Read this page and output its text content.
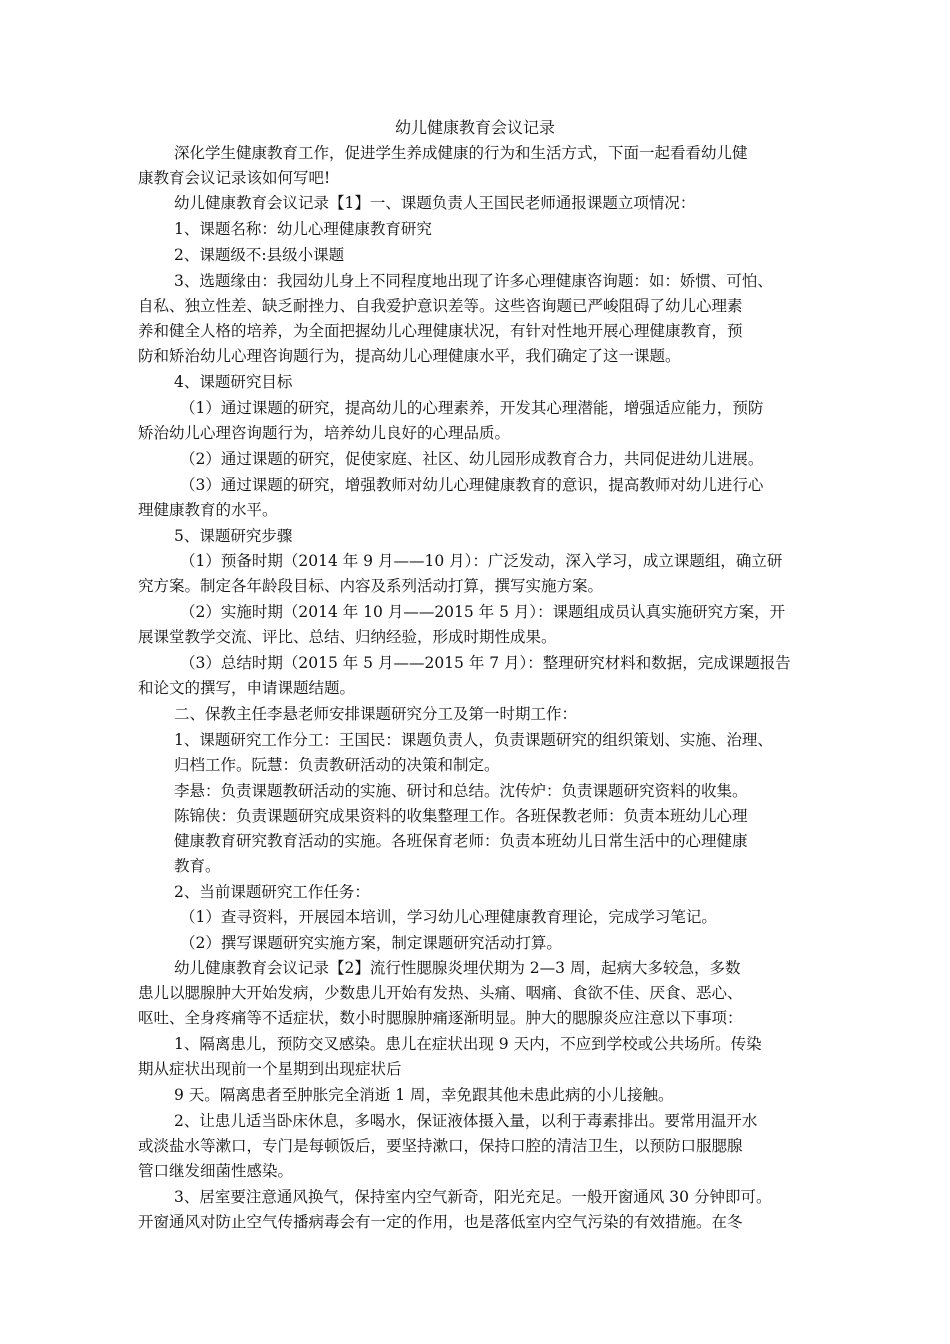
幼儿健康教育会议记录
深化学生健康教育工作，促进学生养成健康的行为和生活方式，下面一起看看幼儿健
康教育会议记录该如何写吧!
幼儿健康教育会议记录【1】一、课题负责人王国民老师通报课题立项情况：
1、课题名称：幼儿心理健康教育研究
2、课题级不:县级小课题
3、选题缘由：我园幼儿身上不同程度地出现了许多心理健康咨询题：如：娇惯、可怕、
自私、独立性差、缺乏耐挫力、自我爱护意识差等。这些咨询题已严峻阻碍了幼儿心理素
养和健全人格的培养，为全面把握幼儿心理健康状况，有针对性地开展心理健康教育，预
防和矫治幼儿心理咨询题行为，提高幼儿心理健康水平，我们确定了这一课题。
4、课题研究目标
（1）通过课题的研究，提高幼儿的心理素养，开发其心理潜能，增强适应能力，预防
矫治幼儿心理咨询题行为，培养幼儿良好的心理品质。
（2）通过课题的研究，促使家庭、社区、幼儿园形成教育合力，共同促进幼儿进展。
（3）通过课题的研究，增强教师对幼儿心理健康教育的意识，提高教师对幼儿进行心
理健康教育的水平。
5、课题研究步骤
（1）预备时期（2014 年 9 月——10 月）：广泛发动，深入学习，成立课题组，确立研
究方案。制定各年龄段目标、内容及系列活动打算，撰写实施方案。
（2）实施时期（2014 年 10 月——2015 年 5 月）：课题组成员认真实施研究方案，开
展课堂教学交流、评比、总结、归纳经验，形成时期性成果。
（3）总结时期（2015 年 5 月——2015 年 7 月）：整理研究材料和数据，完成课题报告
和论文的撰写，申请课题结题。
二、保教主任李悬老师安排课题研究分工及第一时期工作：
1、课题研究工作分工：王国民：课题负责人，负责课题研究的组织策划、实施、治理、
归档工作。阮慧：负责教研活动的决策和制定。
李悬：负责课题教研活动的实施、研讨和总结。沈传炉：负责课题研究资料的收集。
陈锦侠：负责课题研究成果资料的收集整理工作。各班保教老师：负责本班幼儿心理
健康教育研究教育活动的实施。各班保育老师：负责本班幼儿日常生活中的心理健康
教育。
2、当前课题研究工作任务：
（1）查寻资料，开展园本培训，学习幼儿心理健康教育理论，完成学习笔记。
（2）撰写课题研究实施方案，制定课题研究活动打算。
幼儿健康教育会议记录【2】流行性腮腺炎埋伏期为 2—3 周，起病大多较急，多数
患儿以腮腺肿大开始发病，少数患儿开始有发热、头痛、咽痛、食欲不佳、厌食、恶心、
呕吐、全身疼痛等不适症状，数小时腮腺肿痛逐渐明显。肿大的腮腺炎应注意以下事项：
1、隔离患儿，预防交叉感染。患儿在症状出现 9 天内，不应到学校或公共场所。传染
期从症状出现前一个星期到出现症状后
9 天。隔离患者至肿胀完全消逝 1 周，幸免跟其他未患此病的小儿接触。
2、让患儿适当卧床休息，多喝水，保证液体摄入量，以利于毒素排出。要常用温开水
或淡盐水等漱口，专门是每顿饭后，要坚持漱口，保持口腔的清洁卫生，以预防口服腮腺
管口继发细菌性感染。
3、居室要注意通风换气，保持室内空气新奇，阳光充足。一般开窗通风 30 分钟即可。
开窗通风对防止空气传播病毒会有一定的作用，也是落低室内空气污染的有效措施。在冬
